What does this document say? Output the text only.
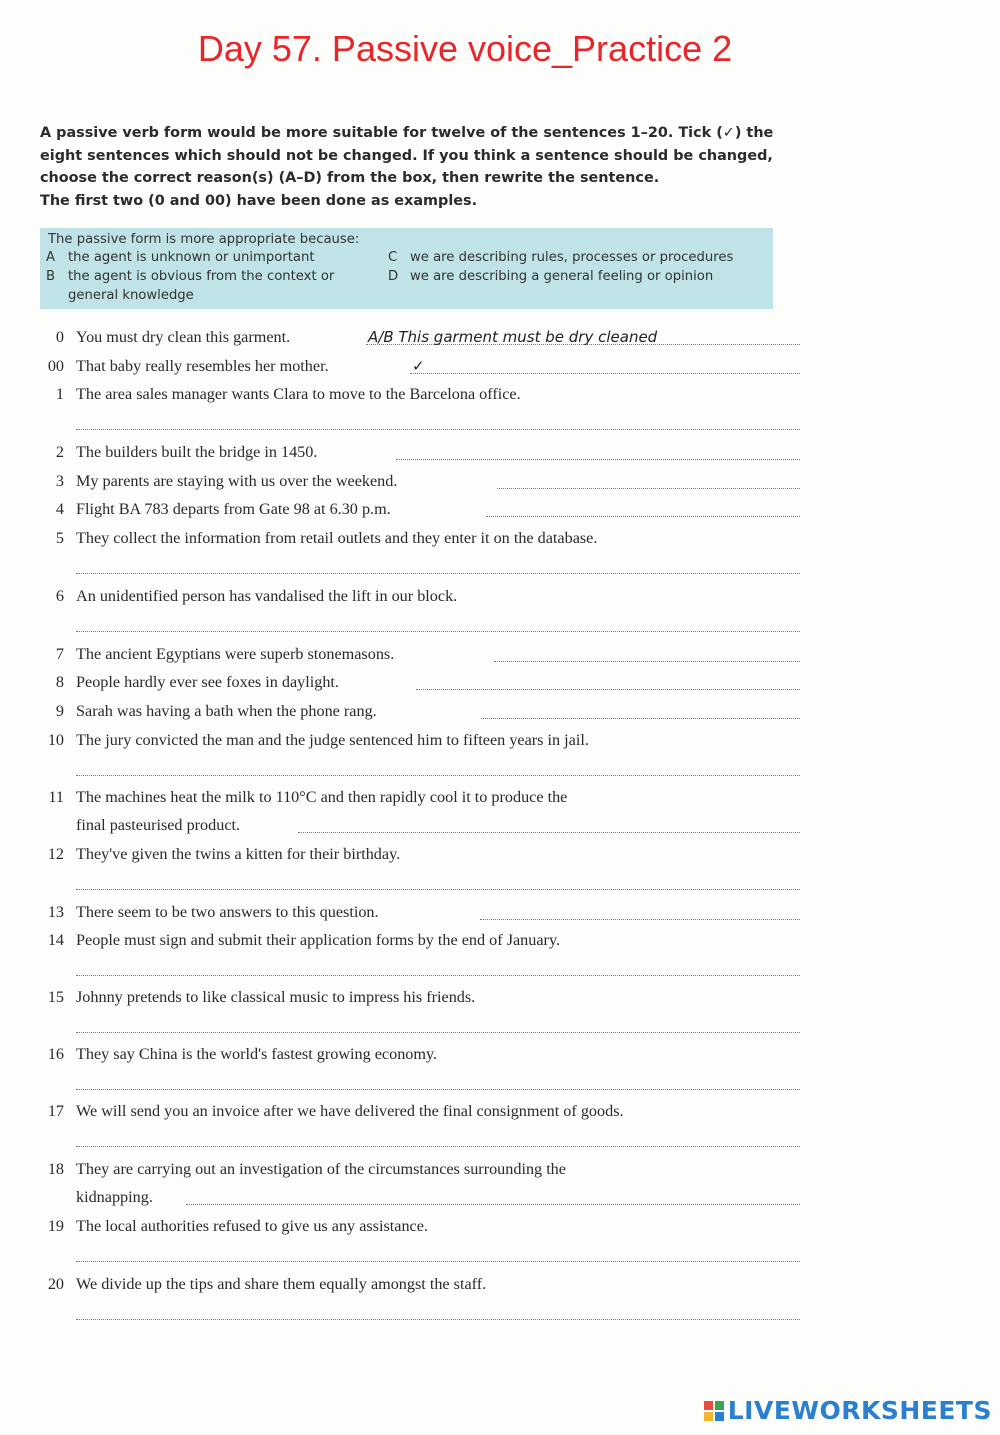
Day 57. Passive voice_Practice 2

A passive verb form would be more suitable for twelve of the sentences 1–20. Tick (✓) the

eight sentences which should not be changed. If you think a sentence should be changed,

choose the correct reason(s) (A–D) from the box, then rewrite the sentence.

The first two (0 and 00) have been done as examples.

The passive form is more appropriate because:
A the agent is unknown or unimportant
B the agent is obvious from the context or general knowledge
C we are describing rules, processes or procedures
D we are describing a general feeling or opinion
0 You must dry clean this garment.	A/B This garment must be dry cleaned
00 That baby really resembles her mother.	✓
1 The area sales manager wants Clara to move to the Barcelona office.
2 The builders built the bridge in 1450.
3 My parents are staying with us over the weekend.
4 Flight BA 783 departs from Gate 98 at 6.30 p.m.
5 They collect the information from retail outlets and they enter it on the database.
6 An unidentified person has vandalised the lift in our block.
7 The ancient Egyptians were superb stonemasons.
8 People hardly ever see foxes in daylight.
9 Sarah was having a bath when the phone rang.
10 The jury convicted the man and the judge sentenced him to fifteen years in jail.
11 The machines heat the milk to 110°C and then rapidly cool it to produce the
final pasteurised product.
12 They've given the twins a kitten for their birthday.
13 There seem to be two answers to this question.
14 People must sign and submit their application forms by the end of January.
15 Johnny pretends to like classical music to impress his friends.
16 They say China is the world's fastest growing economy.
17 We will send you an invoice after we have delivered the final consignment of goods.
18 They are carrying out an investigation of the circumstances surrounding the
kidnapping.
19 The local authorities refused to give us any assistance.
20 We divide up the tips and share them equally amongst the staff.
LIVEWORKSHEETS
